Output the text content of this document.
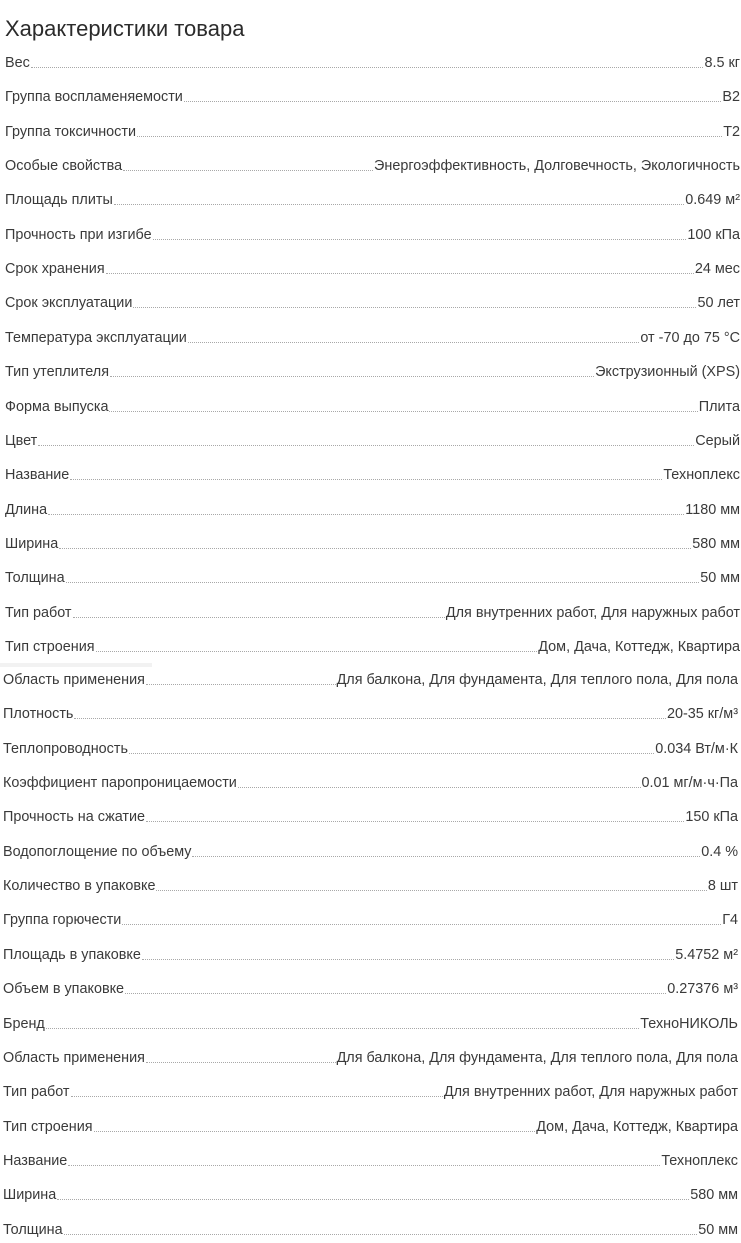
Характеристики товара
Вес	8.5 кг
Группа воспламеняемости	В2
Группа токсичности	Т2
Особые свойства	Энергоэффективность, Долговечность, Экологичность
Площадь плиты	0.649 м²
Прочность при изгибе	100 кПа
Срок хранения	24 мес
Срок эксплуатации	50 лет
Температура эксплуатации	от -70 до 75 °С
Тип утеплителя	Экструзионный (XPS)
Форма выпуска	Плита
Цвет	Серый
Название	Техноплекс
Длина	1180 мм
Ширина	580 мм
Толщина	50 мм
Тип работ	Для внутренних работ, Для наружных работ
Тип строения	Дом, Дача, Коттедж, Квартира
Область применения	Для балкона, Для фундамента, Для теплого пола, Для пола
Плотность	20-35 кг/м³
Теплопроводность	0.034 Вт/м·К
Коэффициент паропроницаемости	0.01 мг/м·ч·Па
Прочность на сжатие	150 кПа
Водопоглощение по объему	0.4 %
Количество в упаковке	8 шт
Группа горючести	Г4
Площадь в упаковке	5.4752 м²
Объем в упаковке	0.27376 м³
Бренд	ТехноНИКОЛЬ
Область применения	Для балкона, Для фундамента, Для теплого пола, Для пола
Тип работ	Для внутренних работ, Для наружных работ
Тип строения	Дом, Дача, Коттедж, Квартира
Название	Техноплекс
Ширина	580 мм
Толщина	50 мм
